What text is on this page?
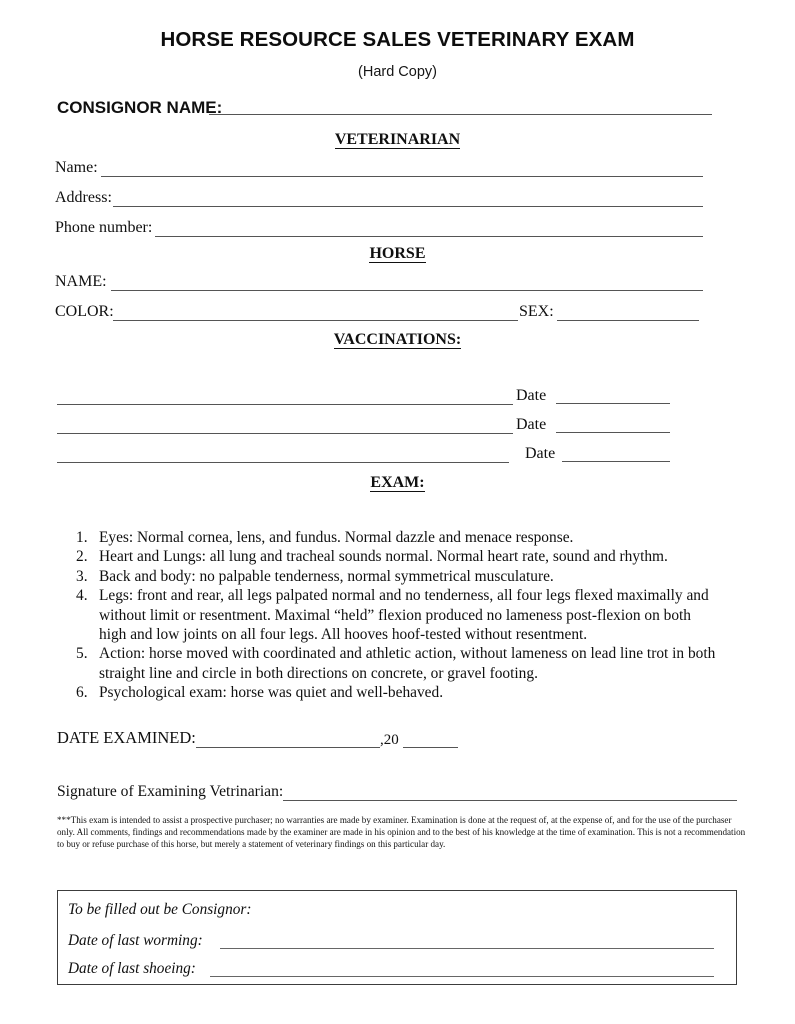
HORSE RESOURCE SALES VETERINARY EXAM
(Hard Copy)
CONSIGNOR NAME:
VETERINARIAN
Name:
Address:
Phone number:
HORSE
NAME:
COLOR:	SEX:
VACCINATIONS:
Date
Date
Date
EXAM:
1. Eyes: Normal cornea, lens, and fundus. Normal dazzle and menace response.
2. Heart and Lungs: all lung and tracheal sounds normal. Normal heart rate, sound and rhythm.
3. Back and body: no palpable tenderness, normal symmetrical musculature.
4. Legs: front and rear, all legs palpated normal and no tenderness, all four legs flexed maximally and without limit or resentment. Maximal “held” flexion produced no lameness post-flexion on both high and low joints on all four legs. All hooves hoof-tested without resentment.
5. Action: horse moved with coordinated and athletic action, without lameness on lead line trot in both straight line and circle in both directions on concrete, or gravel footing.
6. Psychological exam: horse was quiet and well-behaved.
DATE EXAMINED:	,20
Signature of Examining Vetrinarian:
***This exam is intended to assist a prospective purchaser; no warranties are made by examiner. Examination is done at the request of, at the expense of, and for the use of the purchaser only. All comments, findings and recommendations made by the examiner are made in his opinion and to the best of his knowledge at the time of examination. This is not a recommendation to buy or refuse purchase of this horse, but merely a statement of veterinary findings on this particular day.
To be filled out be Consignor:
Date of last worming:
Date of last shoeing:
